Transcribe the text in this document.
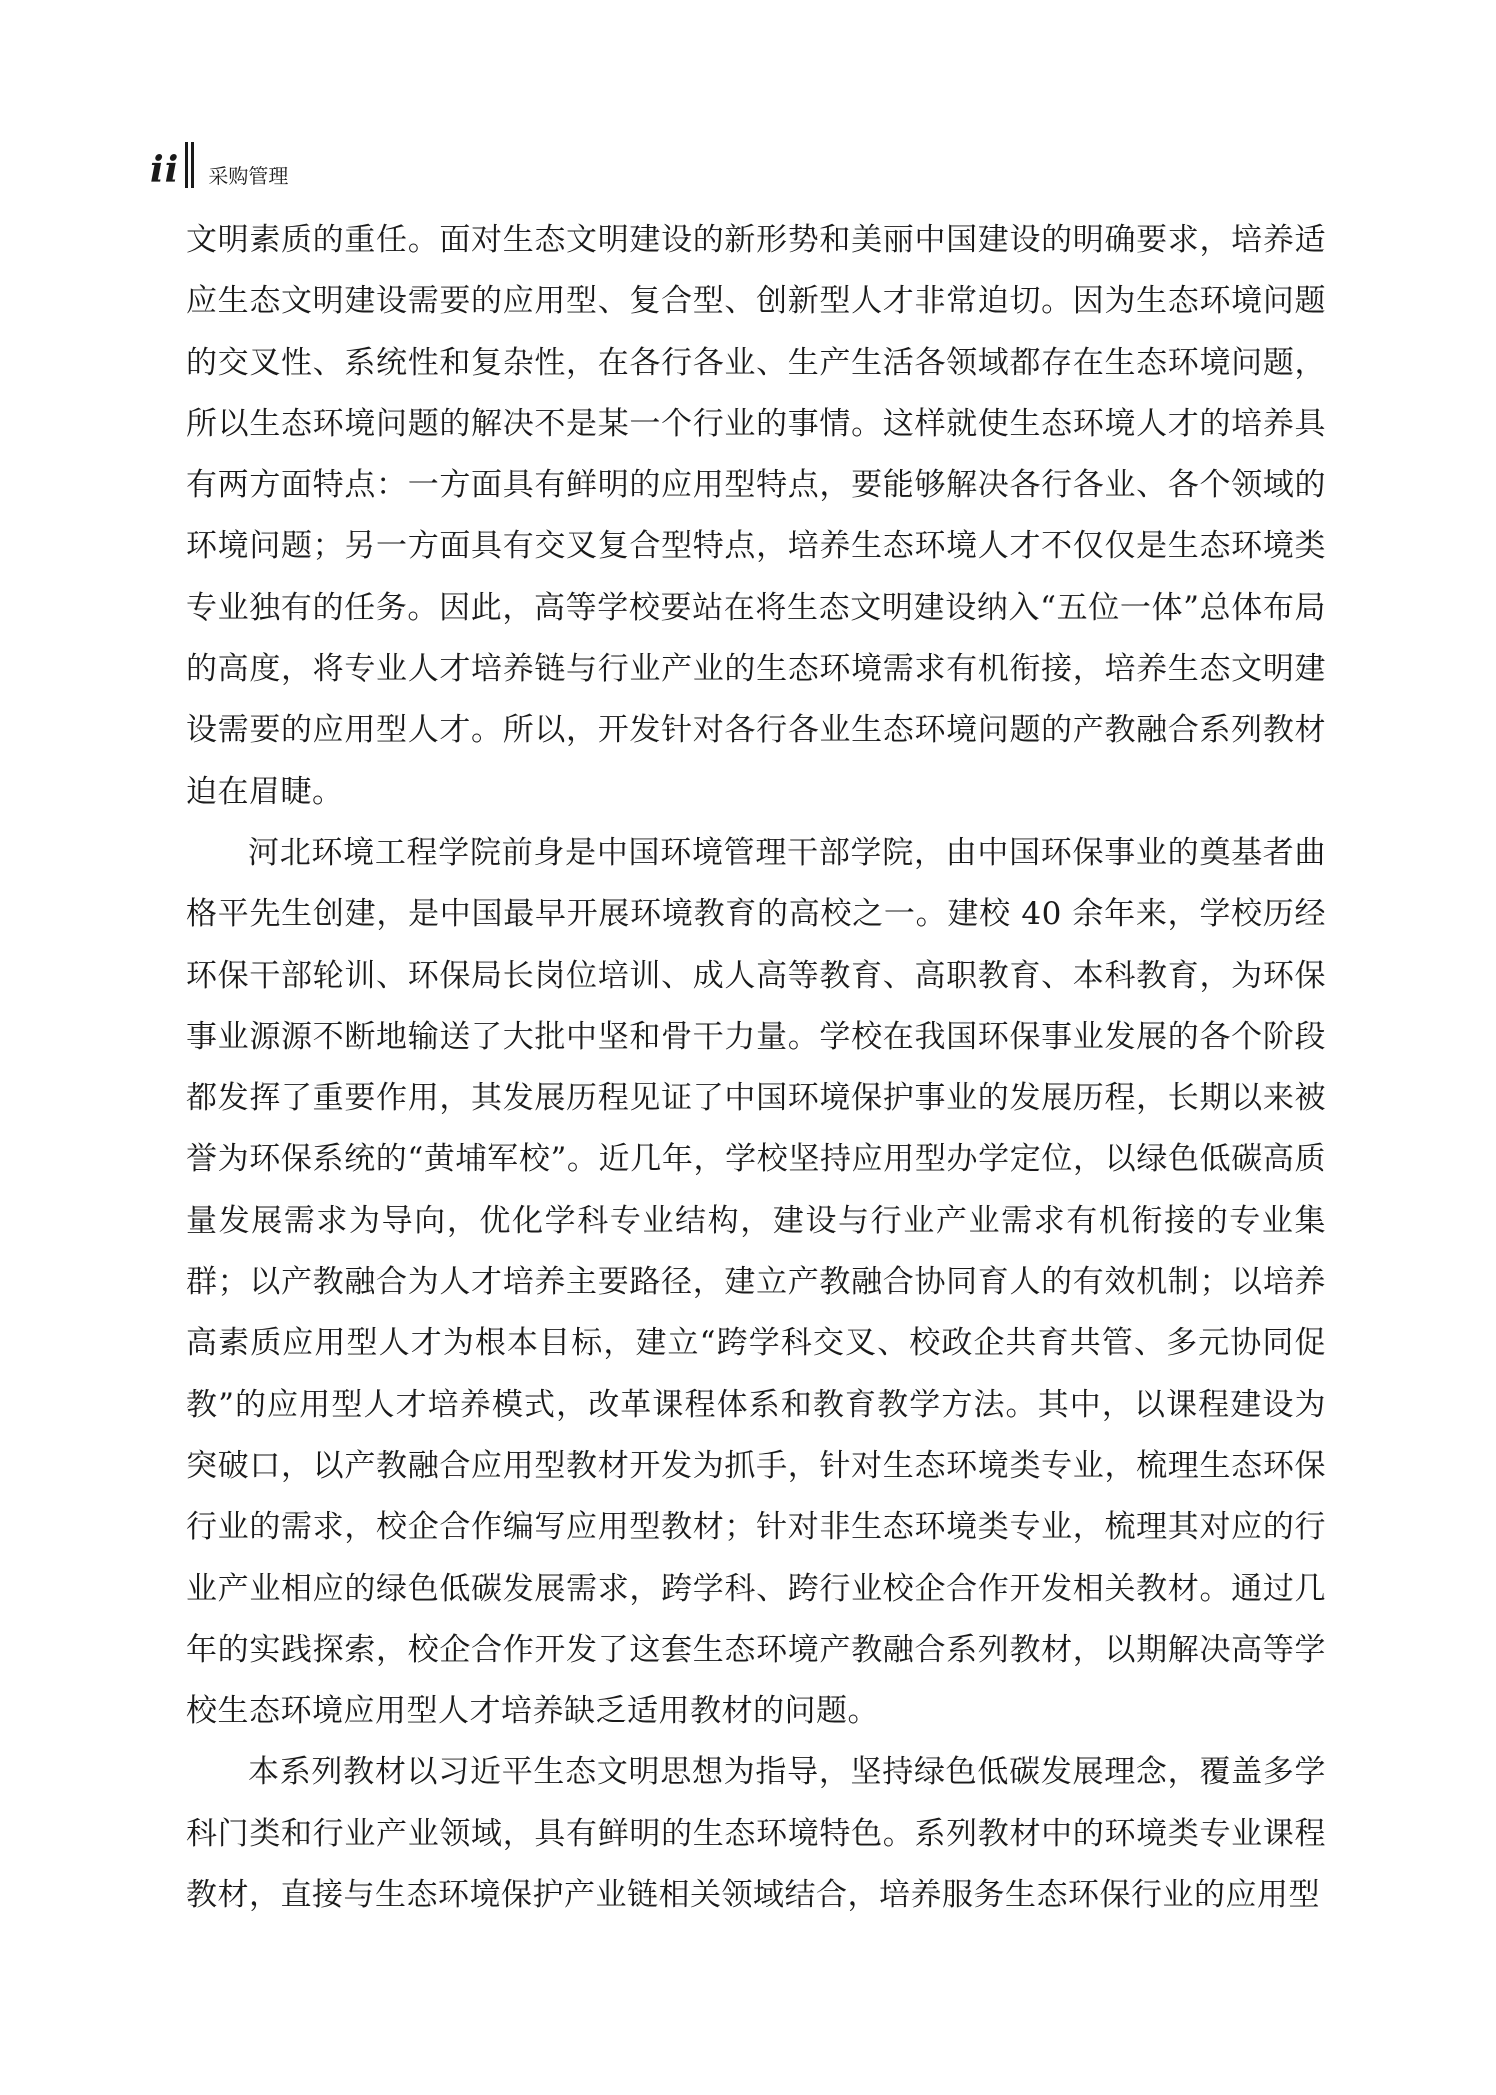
ii 采购管理

文明素质的重任。面对生态文明建设的新形势和美丽中国建设的明确要求，培养适应生态文明建设需要的应用型、复合型、创新型人才非常迫切。因为生态环境问题的交叉性、系统性和复杂性，在各行各业、生产生活各领域都存在生态环境问题，所以生态环境问题的解决不是某一个行业的事情。这样就使生态环境人才的培养具有两方面特点：一方面具有鲜明的应用型特点，要能够解决各行各业、各个领域的环境问题；另一方面具有交叉复合型特点，培养生态环境人才不仅仅是生态环境类专业独有的任务。因此，高等学校要站在将生态文明建设纳入“五位一体”总体布局的高度，将专业人才培养链与行业产业的生态环境需求有机衔接，培养生态文明建设需要的应用型人才。所以，开发针对各行各业生态环境问题的产教融合系列教材迫在眉睫。

河北环境工程学院前身是中国环境管理干部学院，由中国环保事业的奠基者曲格平先生创建，是中国最早开展环境教育的高校之一。建校 40 余年来，学校历经环保干部轮训、环保局长岗位培训、成人高等教育、高职教育、本科教育，为环保事业源源不断地输送了大批中坚和骨干力量。学校在我国环保事业发展的各个阶段都发挥了重要作用，其发展历程见证了中国环境保护事业的发展历程，长期以来被誉为环保系统的“黄埔军校”。近几年，学校坚持应用型办学定位，以绿色低碳高质量发展需求为导向，优化学科专业结构，建设与行业产业需求有机衔接的专业集群；以产教融合为人才培养主要路径，建立产教融合协同育人的有效机制；以培养高素质应用型人才为根本目标，建立“跨学科交叉、校政企共育共管、多元协同促教”的应用型人才培养模式，改革课程体系和教育教学方法。其中，以课程建设为突破口，以产教融合应用型教材开发为抓手，针对生态环境类专业，梳理生态环保行业的需求，校企合作编写应用型教材；针对非生态环境类专业，梳理其对应的行业产业相应的绿色低碳发展需求，跨学科、跨行业校企合作开发相关教材。通过几年的实践探索，校企合作开发了这套生态环境产教融合系列教材，以期解决高等学校生态环境应用型人才培养缺乏适用教材的问题。

本系列教材以习近平生态文明思想为指导，坚持绿色低碳发展理念，覆盖多学科门类和行业产业领域，具有鲜明的生态环境特色。系列教材中的环境类专业课程教材，直接与生态环境保护产业链相关领域结合，培养服务生态环保行业的应用型
